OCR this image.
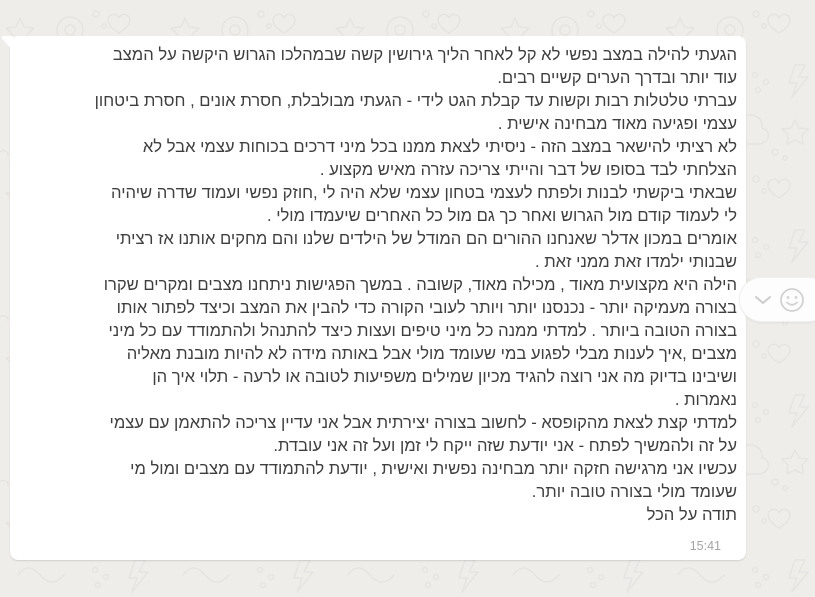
הגעתי להילה במצב נפשי לא קל לאחר הליך גירושין קשה שבמהלכו הגרוש היקשה על המצב
עוד יותר ובדרך הערים קשיים רבים.
עברתי טלטלות רבות וקשות עד קבלת הגט לידי - הגעתי מבולבלת, חסרת אונים , חסרת ביטחון
עצמי ופגיעה מאוד מבחינה אישית .
לא רציתי להישאר במצב הזה - ניסיתי לצאת ממנו בכל מיני דרכים בכוחות עצמי אבל לא
הצלחתי לבד בסופו של דבר והייתי צריכה עזרה מאיש מקצוע .
שבאתי ביקשתי לבנות ולפתח לעצמי בטחון עצמי שלא היה לי ,חוזק נפשי ועמוד שדרה שיהיה
לי לעמוד קודם מול הגרוש ואחר כך גם מול כל האחרים שיעמדו מולי .
אומרים במכון אדלר שאנחנו ההורים הם המודל של הילדים שלנו והם מחקים אותנו אז רציתי
שבנותי ילמדו זאת ממני זאת .
הילה היא מקצועית מאוד , מכילה מאוד, קשובה . במשך הפגישות ניתחנו מצבים ומקרים שקרו
בצורה מעמיקה יותר - נכנסנו יותר ויותר לעובי הקורה כדי להבין את המצב וכיצד לפתור אותו
בצורה הטובה ביותר . למדתי ממנה כל מיני טיפים ועצות כיצד להתנהל ולהתמודד עם כל מיני
מצבים ,איך לענות מבלי לפגוע במי שעומד מולי אבל באותה מידה לא להיות מובנת מאליה
ושיבינו בדיוק מה אני רוצה להגיד מכיון שמילים משפיעות לטובה או לרעה - תלוי איך הן
נאמרות .
למדתי קצת לצאת מהקופסא - לחשוב בצורה יצירתית אבל אני עדיין צריכה להתאמן עם עצמי
על זה ולהמשיך לפתח - אני יודעת שזה ייקח לי זמן ועל זה אני עובדת.
עכשיו אני מרגישה חזקה יותר מבחינה נפשית ואישית , יודעת להתמודד עם מצבים ומול מי
שעומד מולי בצורה טובה יותר.
תודה על הכל
15:41
